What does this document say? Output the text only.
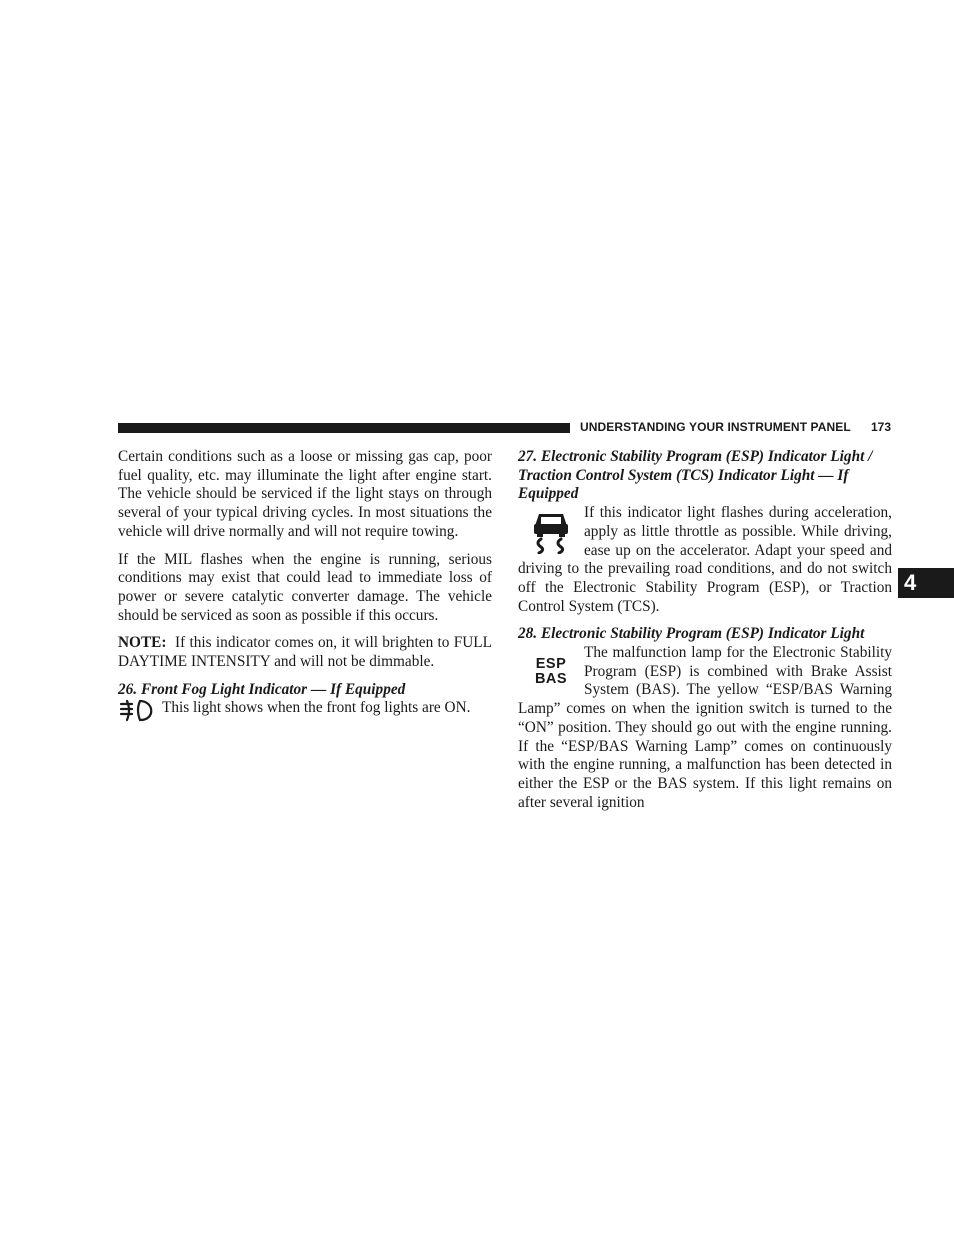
UNDERSTANDING YOUR INSTRUMENT PANEL 173
4

Certain conditions such as a loose or missing gas cap, poor fuel quality, etc. may illuminate the light after engine start. The vehicle should be serviced if the light stays on through several of your typical driving cycles. In most situations the vehicle will drive normally and will not require towing.

If the MIL flashes when the engine is running, serious conditions may exist that could lead to immediate loss of power or severe catalytic converter damage. The vehicle should be serviced as soon as possible if this occurs.

NOTE: If this indicator comes on, it will brighten to FULL DAYTIME INTENSITY and will not be dimmable.

26. Front Fog Light Indicator — If Equipped

This light shows when the front fog lights are ON.

27. Electronic Stability Program (ESP) Indicator Light / Traction Control System (TCS) Indicator Light — If Equipped

If this indicator light flashes during acceleration, apply as little throttle as possible. While driving, ease up on the accelerator. Adapt your speed and driving to the prevailing road conditions, and do not switch off the Electronic Stability Program (ESP), or Traction Control System (TCS).

28. Electronic Stability Program (ESP) Indicator Light

ESP
BAS

The malfunction lamp for the Electronic Stability Program (ESP) is combined with Brake Assist System (BAS). The yellow “ESP/BAS Warning Lamp” comes on when the ignition switch is turned to the “ON” position. They should go out with the engine running. If the “ESP/BAS Warning Lamp” comes on continuously with the engine running, a malfunction has been detected in either the ESP or the BAS system. If this light remains on after several ignition
